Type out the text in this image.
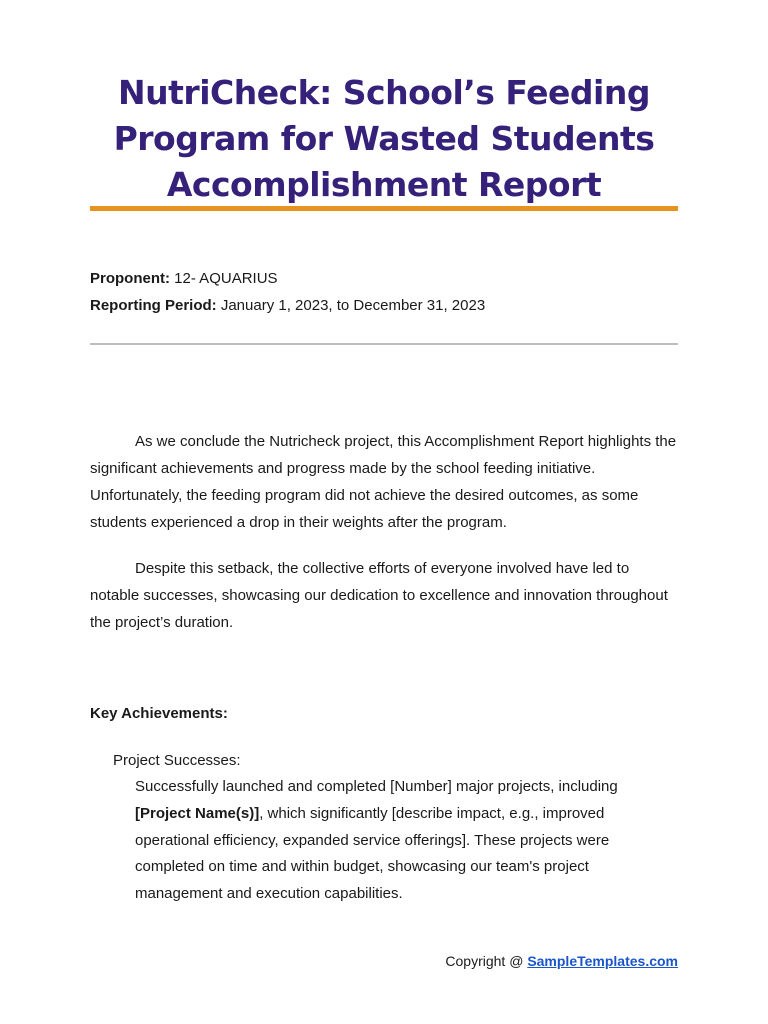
NutriCheck: School’s Feeding
Program for Wasted Students
Accomplishment Report
Proponent: 12- AQUARIUS
Reporting Period: January 1, 2023, to December 31, 2023

As we conclude the Nutricheck project, this Accomplishment Report highlights the significant achievements and progress made by the school feeding initiative. Unfortunately, the feeding program did not achieve the desired outcomes, as some students experienced a drop in their weights after the program.

Despite this setback, the collective efforts of everyone involved have led to notable successes, showcasing our dedication to excellence and innovation throughout the project’s duration.

Key Achievements:
Project Successes:

Successfully launched and completed [Number] major projects, including [Project Name(s)], which significantly [describe impact, e.g., improved operational efficiency, expanded service offerings]. These projects were completed on time and within budget, showcasing our team's project management and execution capabilities.

Copyright @ SampleTemplates.com
